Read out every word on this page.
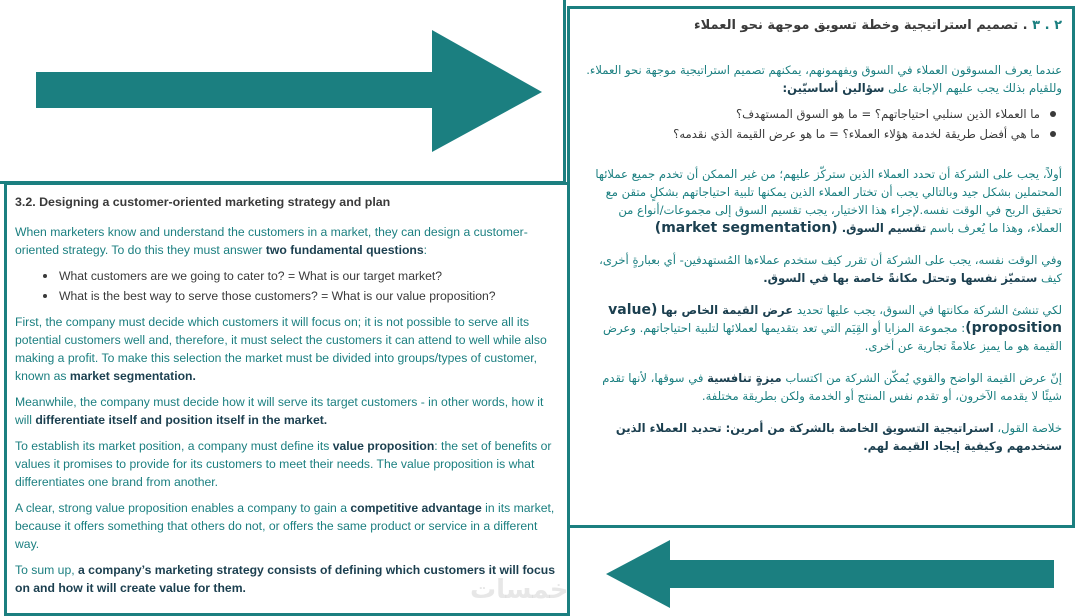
٢ . ٣ . تصميم استراتيجية وخطة تسويق موجهة نحو العملاء

عندما يعرف المسوقون العملاء في السوق ويفهمونهم، يمكنهم تصميم استراتيجية موجهة نحو العملاء. وللقيام بذلك يجب عليهم الإجابة على سؤالين أساسيّين:

ما العملاء الذين سنلبي احتياجاتهم؟ = ما هو السوق المستهدف؟
ما هي أفضل طريقة لخدمة هؤلاء العملاء؟ = ما هو عرض القيمة الذي نقدمه؟

أولاً، يجب على الشركة أن تحدد العملاء الذين سترکّز عليهم؛ من غير الممكن أن تخدم جميع عملائها المحتملين بشكل جيد وبالتالي يجب أن تختار العملاء الذين يمكنها تلبية احتياجاتهم بشكلٍ متقن مع تحقيق الربح في الوقت نفسه.لإجراء هذا الاختيار، يجب تقسيم السوق إلى مجموعات/أنواع من العملاء، وهذا ما يُعرف باسم تقسيم السوق. (market segmentation)

وفي الوقت نفسه، يجب على الشركة أن تقرر كيف ستخدم عملاءها المُستهدفين- أي بعبارةٍ أخرى، كيف ستميّز نفسها وتحتل مكانةً خاصة بها في السوق.

لكي تنشئ الشركة مكانتها في السوق، يجب عليها تحديد عرض القيمة الخاص بها (value proposition): مجموعة المزايا أو القِيَم التي تعد بتقديمها لعملائها لتلبية احتياجاتهم. وعرض القيمة هو ما يميز علامةً تجارية عن أخرى.

إنّ عرض القيمة الواضح والقوي يُمكّن الشركة من اكتساب ميزةٍ تنافسية في سوقها، لأنها تقدم شيئًا لا يقدمه الآخرون، أو تقدم نفس المنتج أو الخدمة ولكن بطريقة مختلفة.

خلاصة القول، استراتيجية التسويق الخاصة بالشركة من أمرين: تحديد العملاء الذين ستخدمهم وكيفية إيجاد القيمة لهم.

3.2. Designing a customer-oriented marketing strategy and plan

When marketers know and understand the customers in a market, they can design a customer-oriented strategy. To do this they must answer two fundamental questions:

What customers are we going to cater to? = What is our target market?
What is the best way to serve those customers? = What is our value proposition?

First, the company must decide which customers it will focus on; it is not possible to serve all its potential customers well and, therefore, it must select the customers it can attend to well while also making a profit. To make this selection the market must be divided into groups/types of customer, known as market segmentation.

Meanwhile, the company must decide how it will serve its target customers - in other words, how it will differentiate itself and position itself in the market.

To establish its market position, a company must define its value proposition: the set of benefits or values it promises to provide for its customers to meet their needs. The value proposition is what differentiates one brand from another.

A clear, strong value proposition enables a company to gain a competitive advantage in its market, because it offers something that others do not, or offers the same product or service in a different way.

To sum up, a company’s marketing strategy consists of defining which customers it will focus on and how it will create value for them.	خمسات
